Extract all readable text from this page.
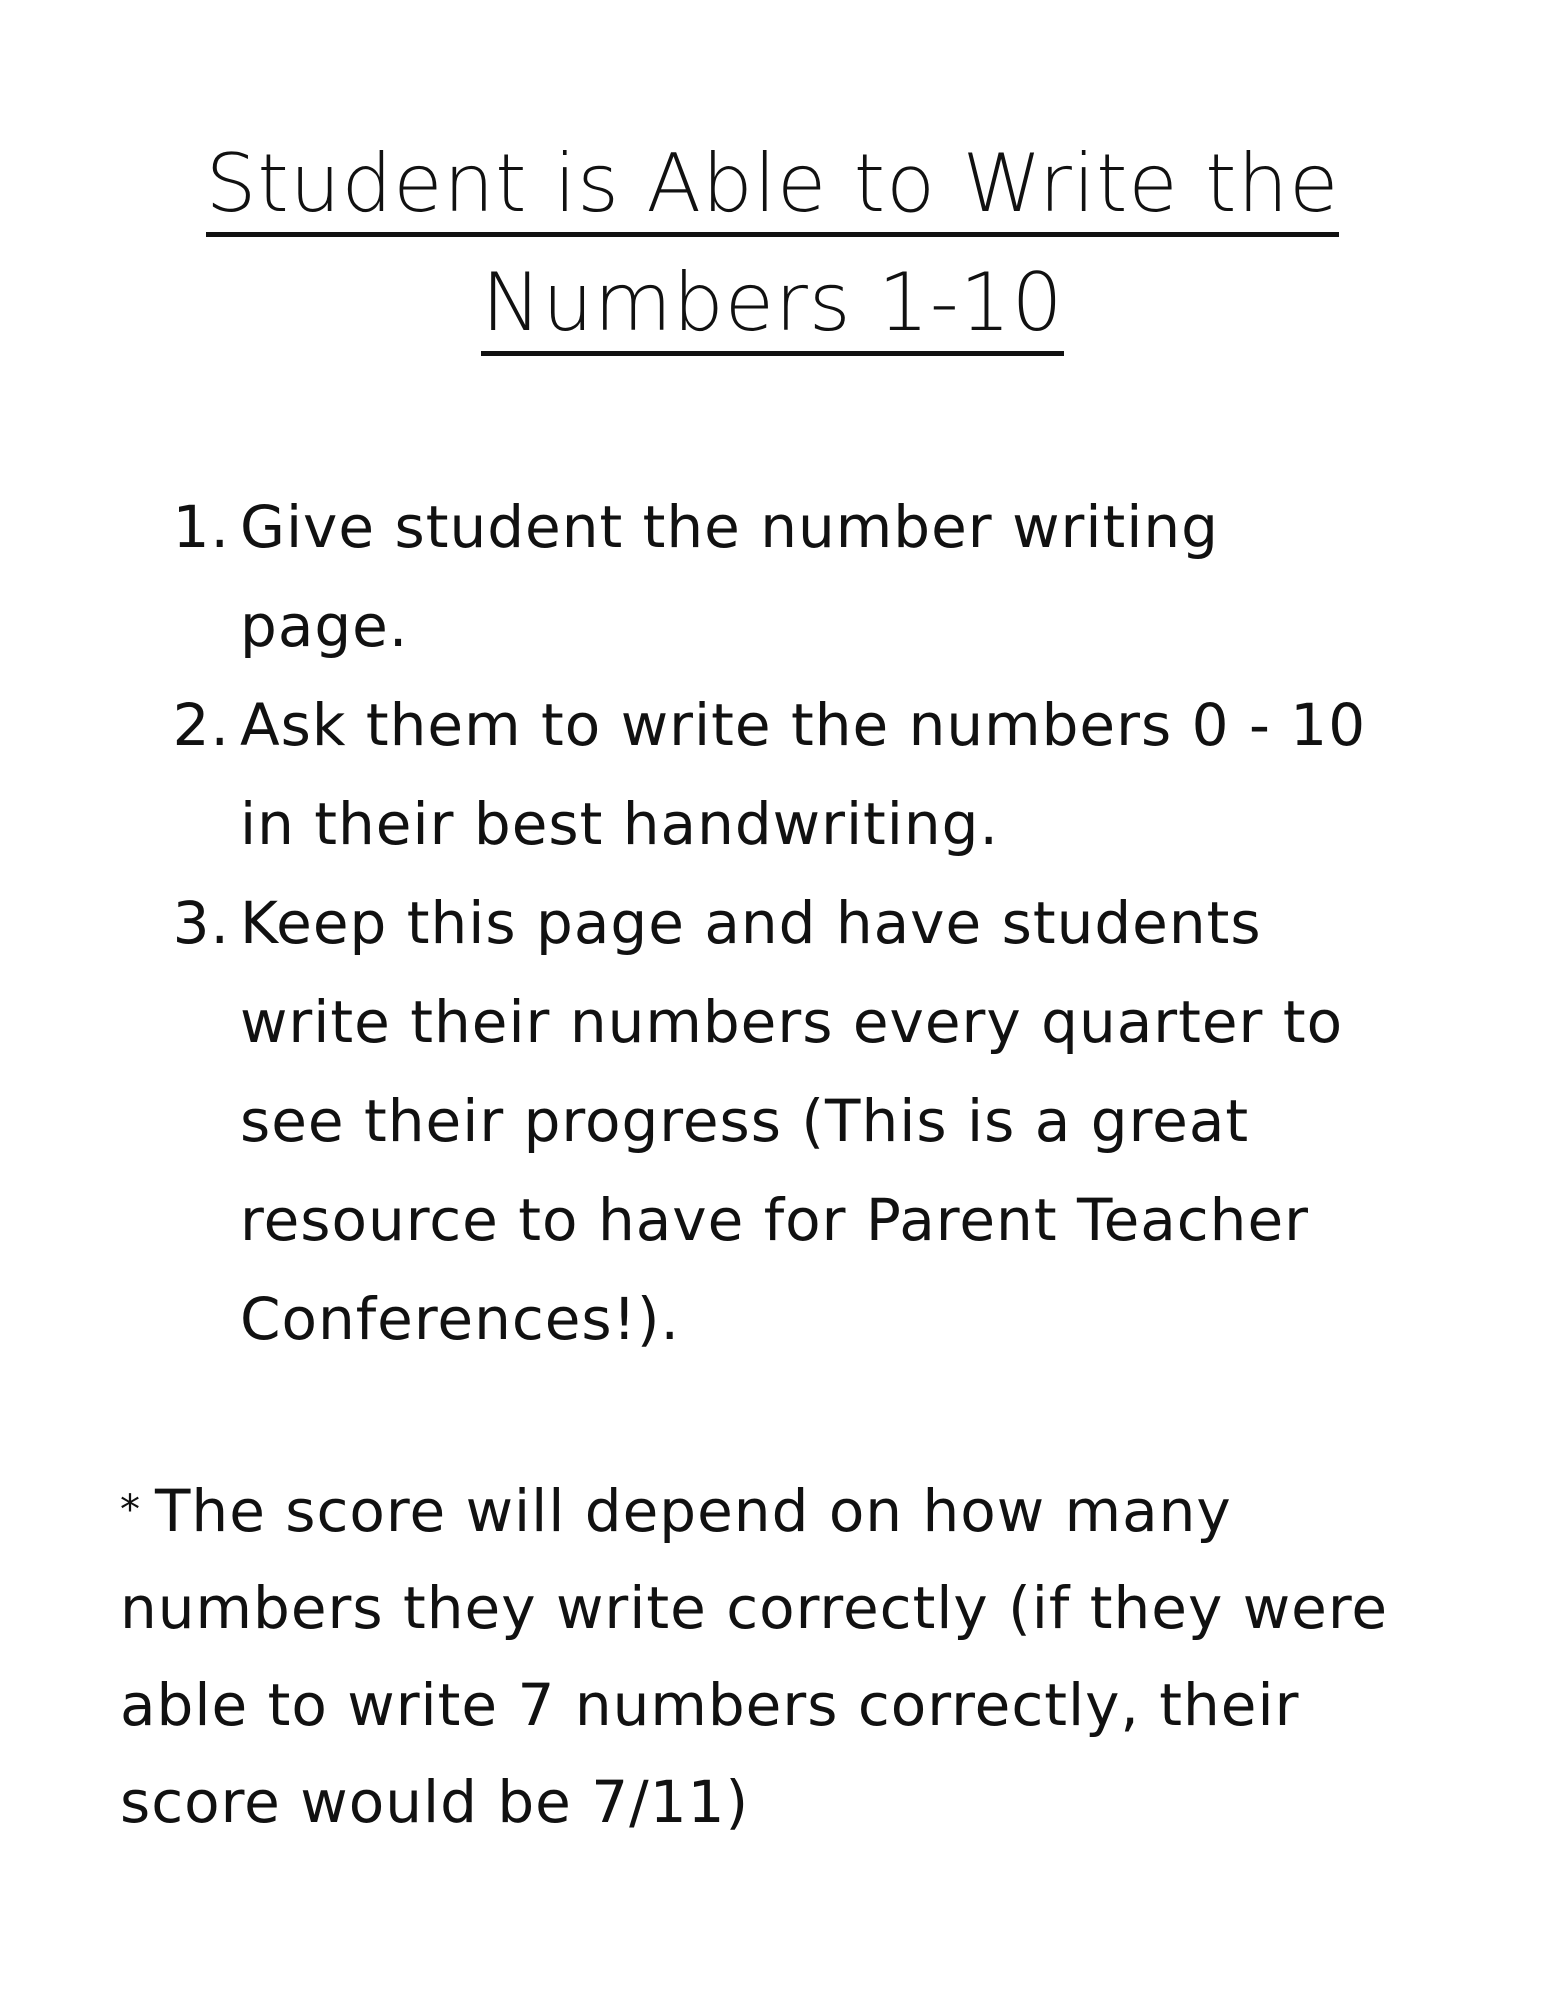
Student is Able to Write the
Numbers 1-10
1. Give student the number writing page.
2. Ask them to write the numbers 0 - 10 in their best handwriting.
3. Keep this page and have students write their numbers every quarter to see their progress (This is a great resource to have for Parent Teacher Conferences!).

* The score will depend on how many numbers they write correctly (if they were able to write 7 numbers correctly, their score would be 7/11)
